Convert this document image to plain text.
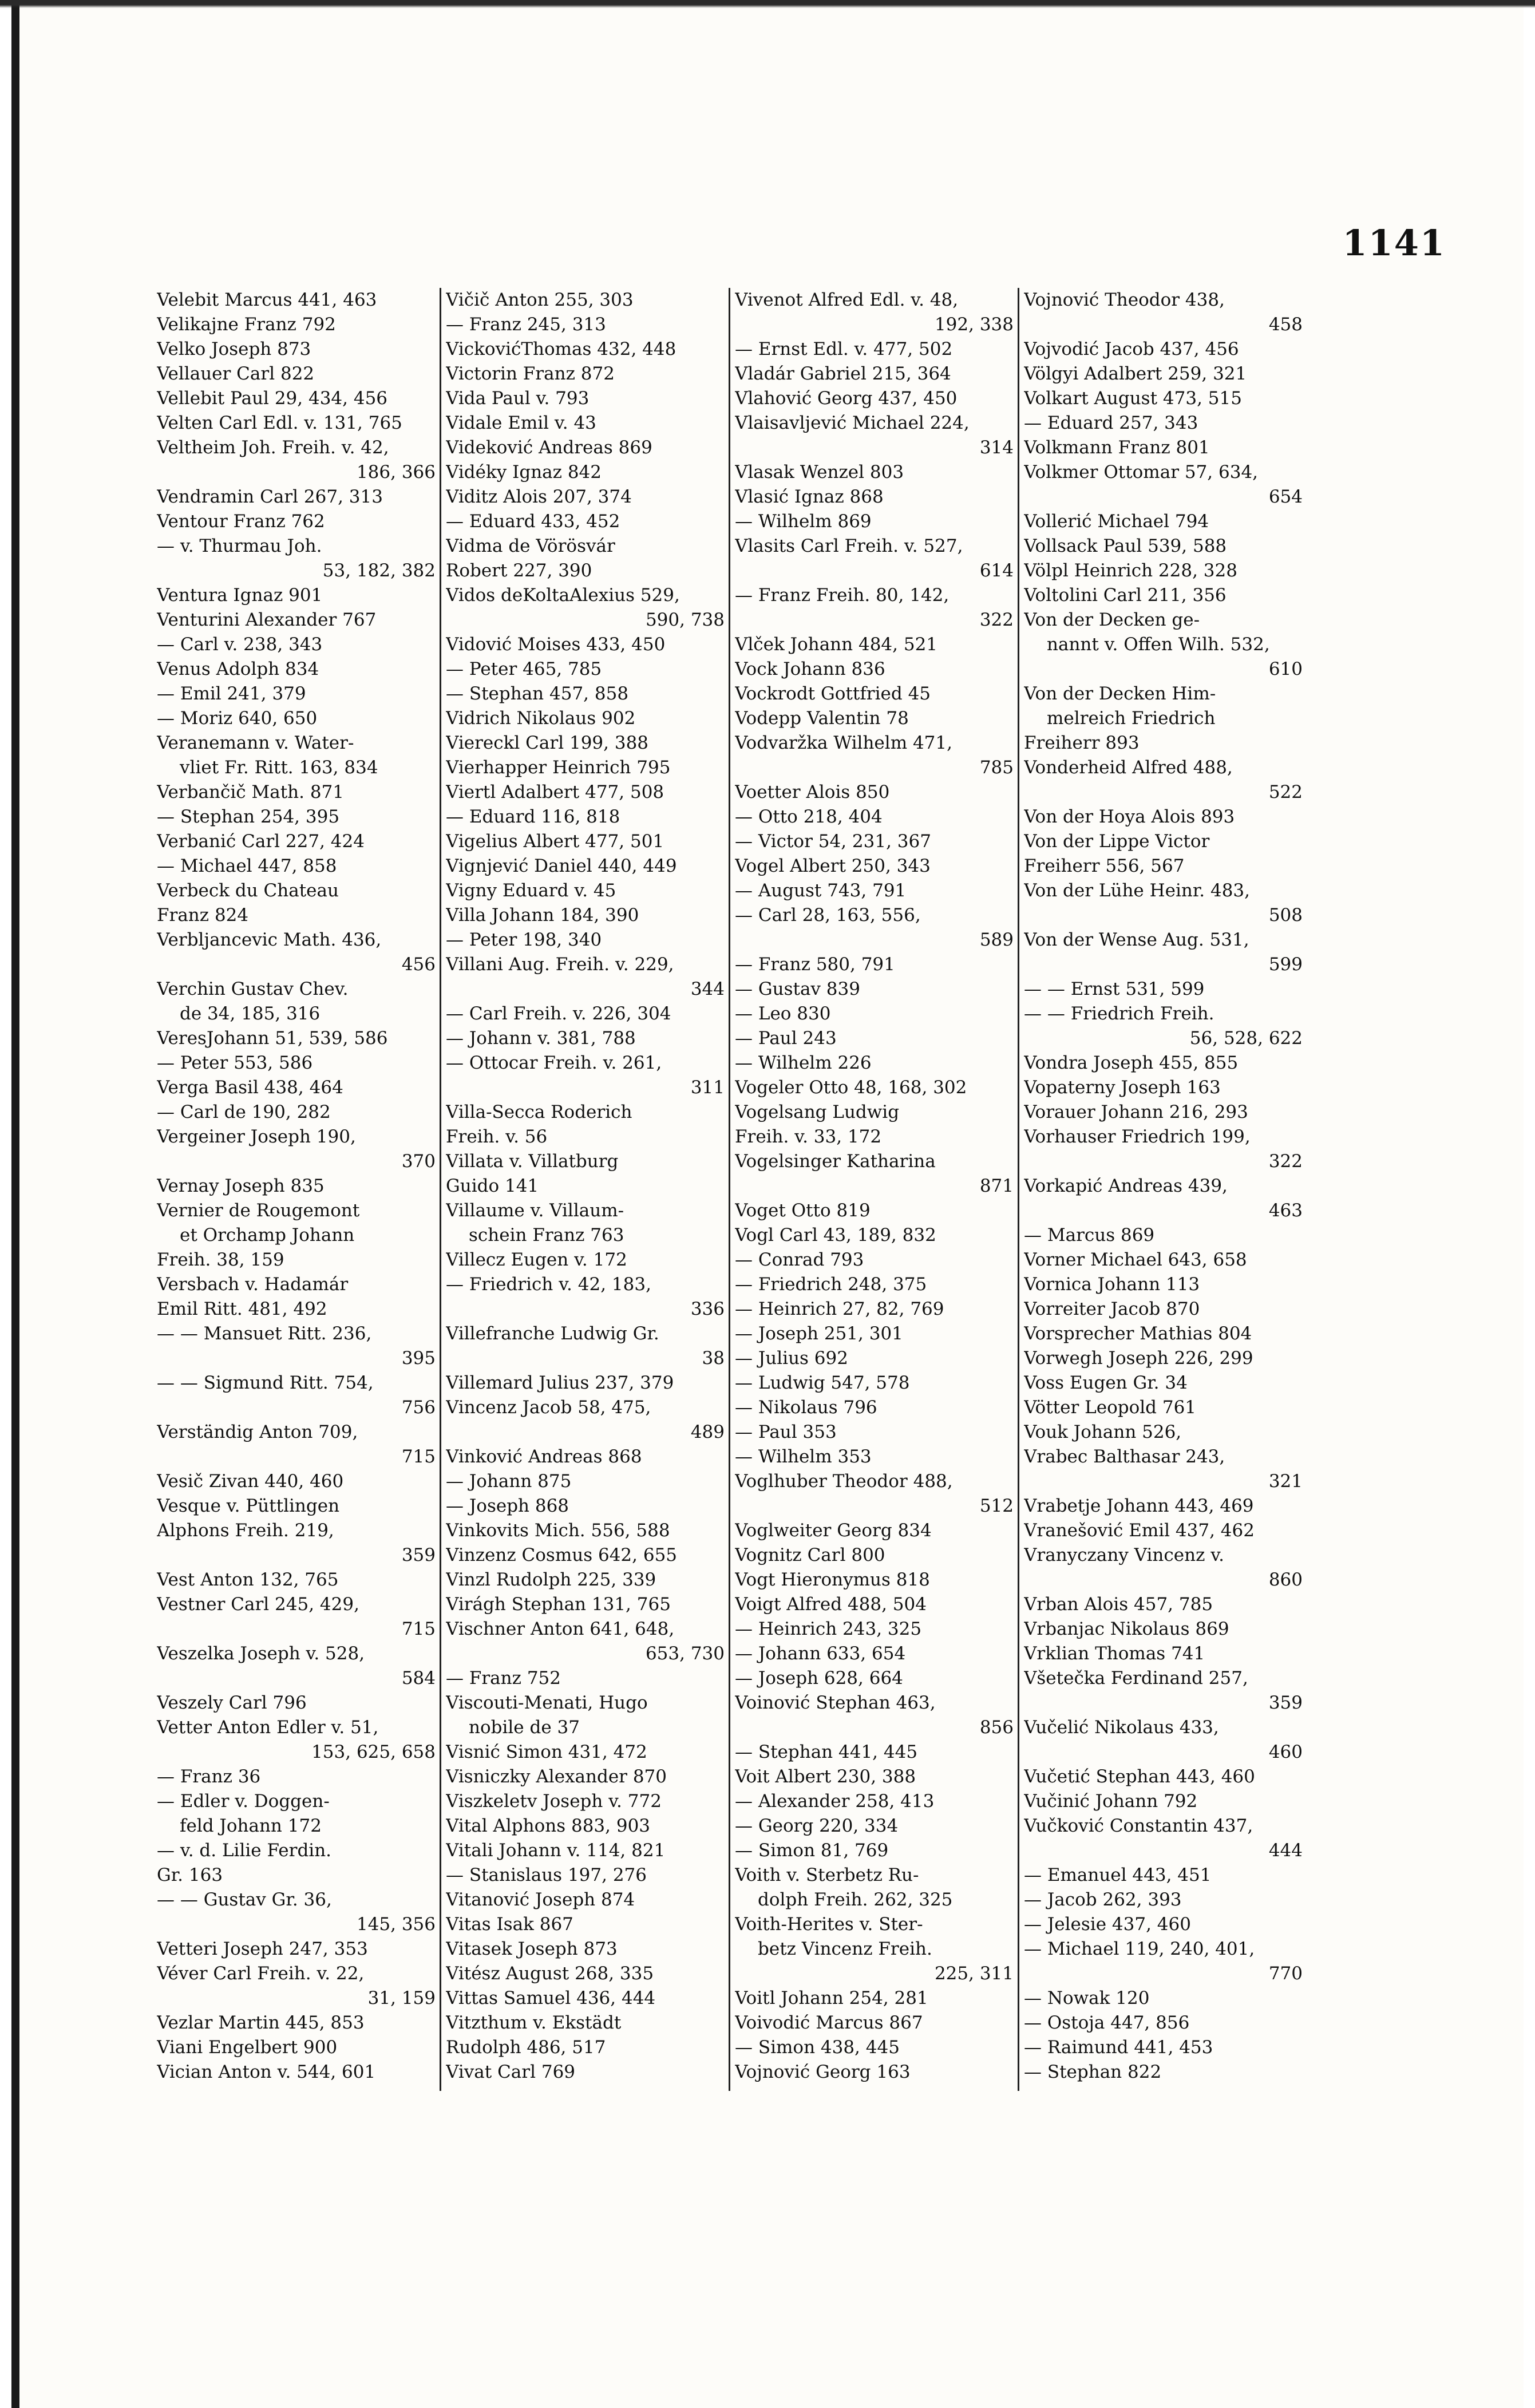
1141
Velebit Marcus 441, 463
Velikajne Franz 792
Velko Joseph 873
Vellauer Carl 822
Vellebit Paul 29, 434, 456
Velten Carl Edl. v. 131, 765
Veltheim Joh. Freih. v. 42,
186, 366
Vendramin Carl 267, 313
Ventour Franz 762
— v. Thurmau Joh.
53, 182, 382
Ventura Ignaz 901
Venturini Alexander 767
— Carl v. 238, 343
Venus Adolph 834
— Emil 241, 379
— Moriz 640, 650
Veranemann v. Water-
vliet Fr. Ritt. 163, 834
Verbančič Math. 871
— Stephan 254, 395
Verbanić Carl 227, 424
— Michael 447, 858
Verbeck du Chateau
Franz 824
Verbljancevic Math. 436,
456
Verchin Gustav Chev.
de 34, 185, 316
VeresJohann 51, 539, 586
— Peter 553, 586
Verga Basil 438, 464
— Carl de 190, 282
Vergeiner Joseph 190,
370
Vernay Joseph 835
Vernier de Rougemont
et Orchamp Johann
Freih. 38, 159
Versbach v. Hadamár
Emil Ritt. 481, 492
— — Mansuet Ritt. 236,
395
— — Sigmund Ritt. 754,
756
Verständig Anton 709,
715
Vesič Zivan 440, 460
Vesque v. Püttlingen
Alphons Freih. 219,
359
Vest Anton 132, 765
Vestner Carl 245, 429,
715
Veszelka Joseph v. 528,
584
Veszely Carl 796
Vetter Anton Edler v. 51,
153, 625, 658
— Franz 36
— Edler v. Doggen-
feld Johann 172
— v. d. Lilie Ferdin.
Gr. 163
— — Gustav Gr. 36,
145, 356
Vetteri Joseph 247, 353
Véver Carl Freih. v. 22,
31, 159
Vezlar Martin 445, 853
Viani Engelbert 900
Vician Anton v. 544, 601
Vičič Anton 255, 303
— Franz 245, 313
VickovićThomas 432, 448
Victorin Franz 872
Vida Paul v. 793
Vidale Emil v. 43
Videković Andreas 869
Vidéky Ignaz 842
Viditz Alois 207, 374
— Eduard 433, 452
Vidma de Vörösvár
Robert 227, 390
Vidos deKoltaAlexius 529,
590, 738
Vidović Moises 433, 450
— Peter 465, 785
— Stephan 457, 858
Vidrich Nikolaus 902
Viereckl Carl 199, 388
Vierhapper Heinrich 795
Viertl Adalbert 477, 508
— Eduard 116, 818
Vigelius Albert 477, 501
Vignjević Daniel 440, 449
Vigny Eduard v. 45
Villa Johann 184, 390
— Peter 198, 340
Villani Aug. Freih. v. 229,
344
— Carl Freih. v. 226, 304
— Johann v. 381, 788
— Ottocar Freih. v. 261,
311
Villa-Secca Roderich
Freih. v. 56
Villata v. Villatburg
Guido 141
Villaume v. Villaum-
schein Franz 763
Villecz Eugen v. 172
— Friedrich v. 42, 183,
336
Villefranche Ludwig Gr.
38
Villemard Julius 237, 379
Vincenz Jacob 58, 475,
489
Vinković Andreas 868
— Johann 875
— Joseph 868
Vinkovits Mich. 556, 588
Vinzenz Cosmus 642, 655
Vinzl Rudolph 225, 339
Virágh Stephan 131, 765
Vischner Anton 641, 648,
653, 730
— Franz 752
Viscouti-Menati, Hugo
nobile de 37
Visnić Simon 431, 472
Visniczky Alexander 870
Viszkeletv Joseph v. 772
Vital Alphons 883, 903
Vitali Johann v. 114, 821
— Stanislaus 197, 276
Vitanović Joseph 874
Vitas Isak 867
Vitasek Joseph 873
Vitész August 268, 335
Vittas Samuel 436, 444
Vitzthum v. Ekstädt
Rudolph 486, 517
Vivat Carl 769
Vivenot Alfred Edl. v. 48,
192, 338
— Ernst Edl. v. 477, 502
Vladár Gabriel 215, 364
Vlahović Georg 437, 450
Vlaisavljević Michael 224,
314
Vlasak Wenzel 803
Vlasić Ignaz 868
— Wilhelm 869
Vlasits Carl Freih. v. 527,
614
— Franz Freih. 80, 142,
322
Vlček Johann 484, 521
Vock Johann 836
Vockrodt Gottfried 45
Vodepp Valentin 78
Vodvaržka Wilhelm 471,
785
Voetter Alois 850
— Otto 218, 404
— Victor 54, 231, 367
Vogel Albert 250, 343
— August 743, 791
— Carl 28, 163, 556,
589
— Franz 580, 791
— Gustav 839
— Leo 830
— Paul 243
— Wilhelm 226
Vogeler Otto 48, 168, 302
Vogelsang Ludwig
Freih. v. 33, 172
Vogelsinger Katharina
871
Voget Otto 819
Vogl Carl 43, 189, 832
— Conrad 793
— Friedrich 248, 375
— Heinrich 27, 82, 769
— Joseph 251, 301
— Julius 692
— Ludwig 547, 578
— Nikolaus 796
— Paul 353
— Wilhelm 353
Voglhuber Theodor 488,
512
Voglweiter Georg 834
Vognitz Carl 800
Vogt Hieronymus 818
Voigt Alfred 488, 504
— Heinrich 243, 325
— Johann 633, 654
— Joseph 628, 664
Voinović Stephan 463,
856
— Stephan 441, 445
Voit Albert 230, 388
— Alexander 258, 413
— Georg 220, 334
— Simon 81, 769
Voith v. Sterbetz Ru-
dolph Freih. 262, 325
Voith-Herites v. Ster-
betz Vincenz Freih.
225, 311
Voitl Johann 254, 281
Voivodić Marcus 867
— Simon 438, 445
Vojnović Georg 163
Vojnović Theodor 438,
458
Vojvodić Jacob 437, 456
Völgyi Adalbert 259, 321
Volkart August 473, 515
— Eduard 257, 343
Volkmann Franz 801
Volkmer Ottomar 57, 634,
654
Vollerić Michael 794
Vollsack Paul 539, 588
Völpl Heinrich 228, 328
Voltolini Carl 211, 356
Von der Decken ge-
nannt v. Offen Wilh. 532,
610
Von der Decken Him-
melreich Friedrich
Freiherr 893
Vonderheid Alfred 488,
522
Von der Hoya Alois 893
Von der Lippe Victor
Freiherr 556, 567
Von der Lühe Heinr. 483,
508
Von der Wense Aug. 531,
599
— — Ernst 531, 599
— — Friedrich Freih.
56, 528, 622
Vondra Joseph 455, 855
Vopaterny Joseph 163
Vorauer Johann 216, 293
Vorhauser Friedrich 199,
322
Vorkapić Andreas 439,
463
— Marcus 869
Vorner Michael 643, 658
Vornica Johann 113
Vorreiter Jacob 870
Vorsprecher Mathias 804
Vorwegh Joseph 226, 299
Voss Eugen Gr. 34
Vötter Leopold 761
Vouk Johann 526,
Vrabec Balthasar 243,
321
Vrabetje Johann 443, 469
Vranešović Emil 437, 462
Vranyczany Vincenz v.
860
Vrban Alois 457, 785
Vrbanjac Nikolaus 869
Vrklian Thomas 741
Všetečka Ferdinand 257,
359
Vučelić Nikolaus 433,
460
Vučetić Stephan 443, 460
Vučinić Johann 792
Vučković Constantin 437,
444
— Emanuel 443, 451
— Jacob 262, 393
— Jelesie 437, 460
— Michael 119, 240, 401,
770
— Nowak 120
— Ostoja 447, 856
— Raimund 441, 453
— Stephan 822
